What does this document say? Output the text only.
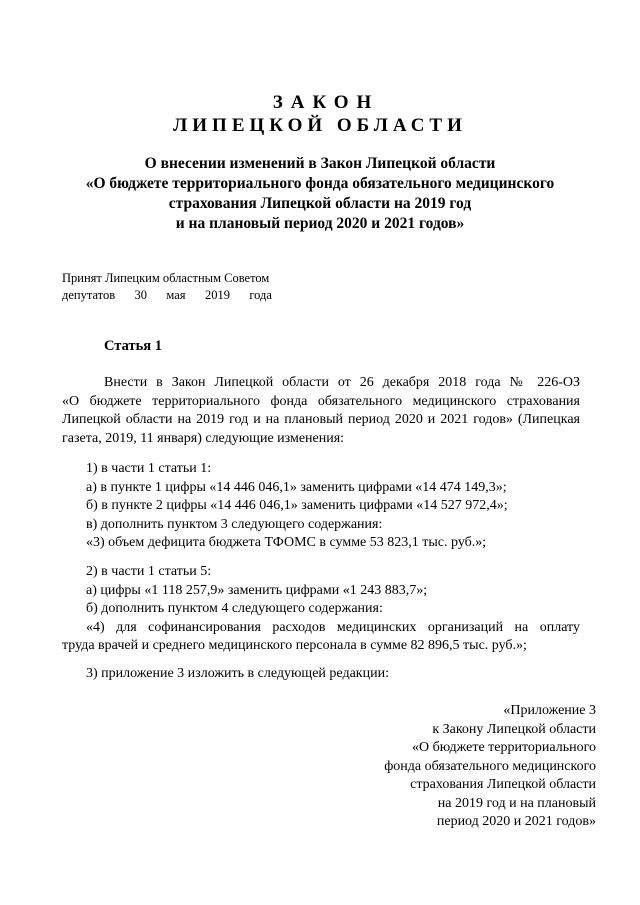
ЗАКОН
ЛИПЕЦКОЙ ОБЛАСТИ
О внесении изменений в Закон Липецкой области
«О бюджете территориального фонда обязательного медицинского
страхования Липецкой области на 2019 год
и на плановый период 2020 и 2021 годов»
Принят Липецким областным Советом
депутатов 30 мая 2019 года
Статья 1
Внести в Закон Липецкой области от 26 декабря 2018 года № 226-ОЗ
«О бюджете территориального фонда обязательного медицинского страхования
Липецкой области на 2019 год и на плановый период 2020 и 2021 годов» (Липецкая
газета, 2019, 11 января) следующие изменения:
1) в части 1 статьи 1:
а) в пункте 1 цифры «14 446 046,1» заменить цифрами «14 474 149,3»;
б) в пункте 2 цифры «14 446 046,1» заменить цифрами «14 527 972,4»;
в) дополнить пунктом 3 следующего содержания:
«3) объем дефицита бюджета ТФОМС в сумме 53 823,1 тыс. руб.»;
2) в части 1 статьи 5:
а) цифры «1 118 257,9» заменить цифрами «1 243 883,7»;
б) дополнить пунктом 4 следующего содержания:
«4) для софинансирования расходов медицинских организаций на оплату
труда врачей и среднего медицинского персонала в сумме 82 896,5 тыс. руб.»;
3) приложение 3 изложить в следующей редакции:
«Приложение 3
к Закону Липецкой области
«О бюджете территориального
фонда обязательного медицинского
страхования Липецкой области
на 2019 год и на плановый
период 2020 и 2021 годов»
